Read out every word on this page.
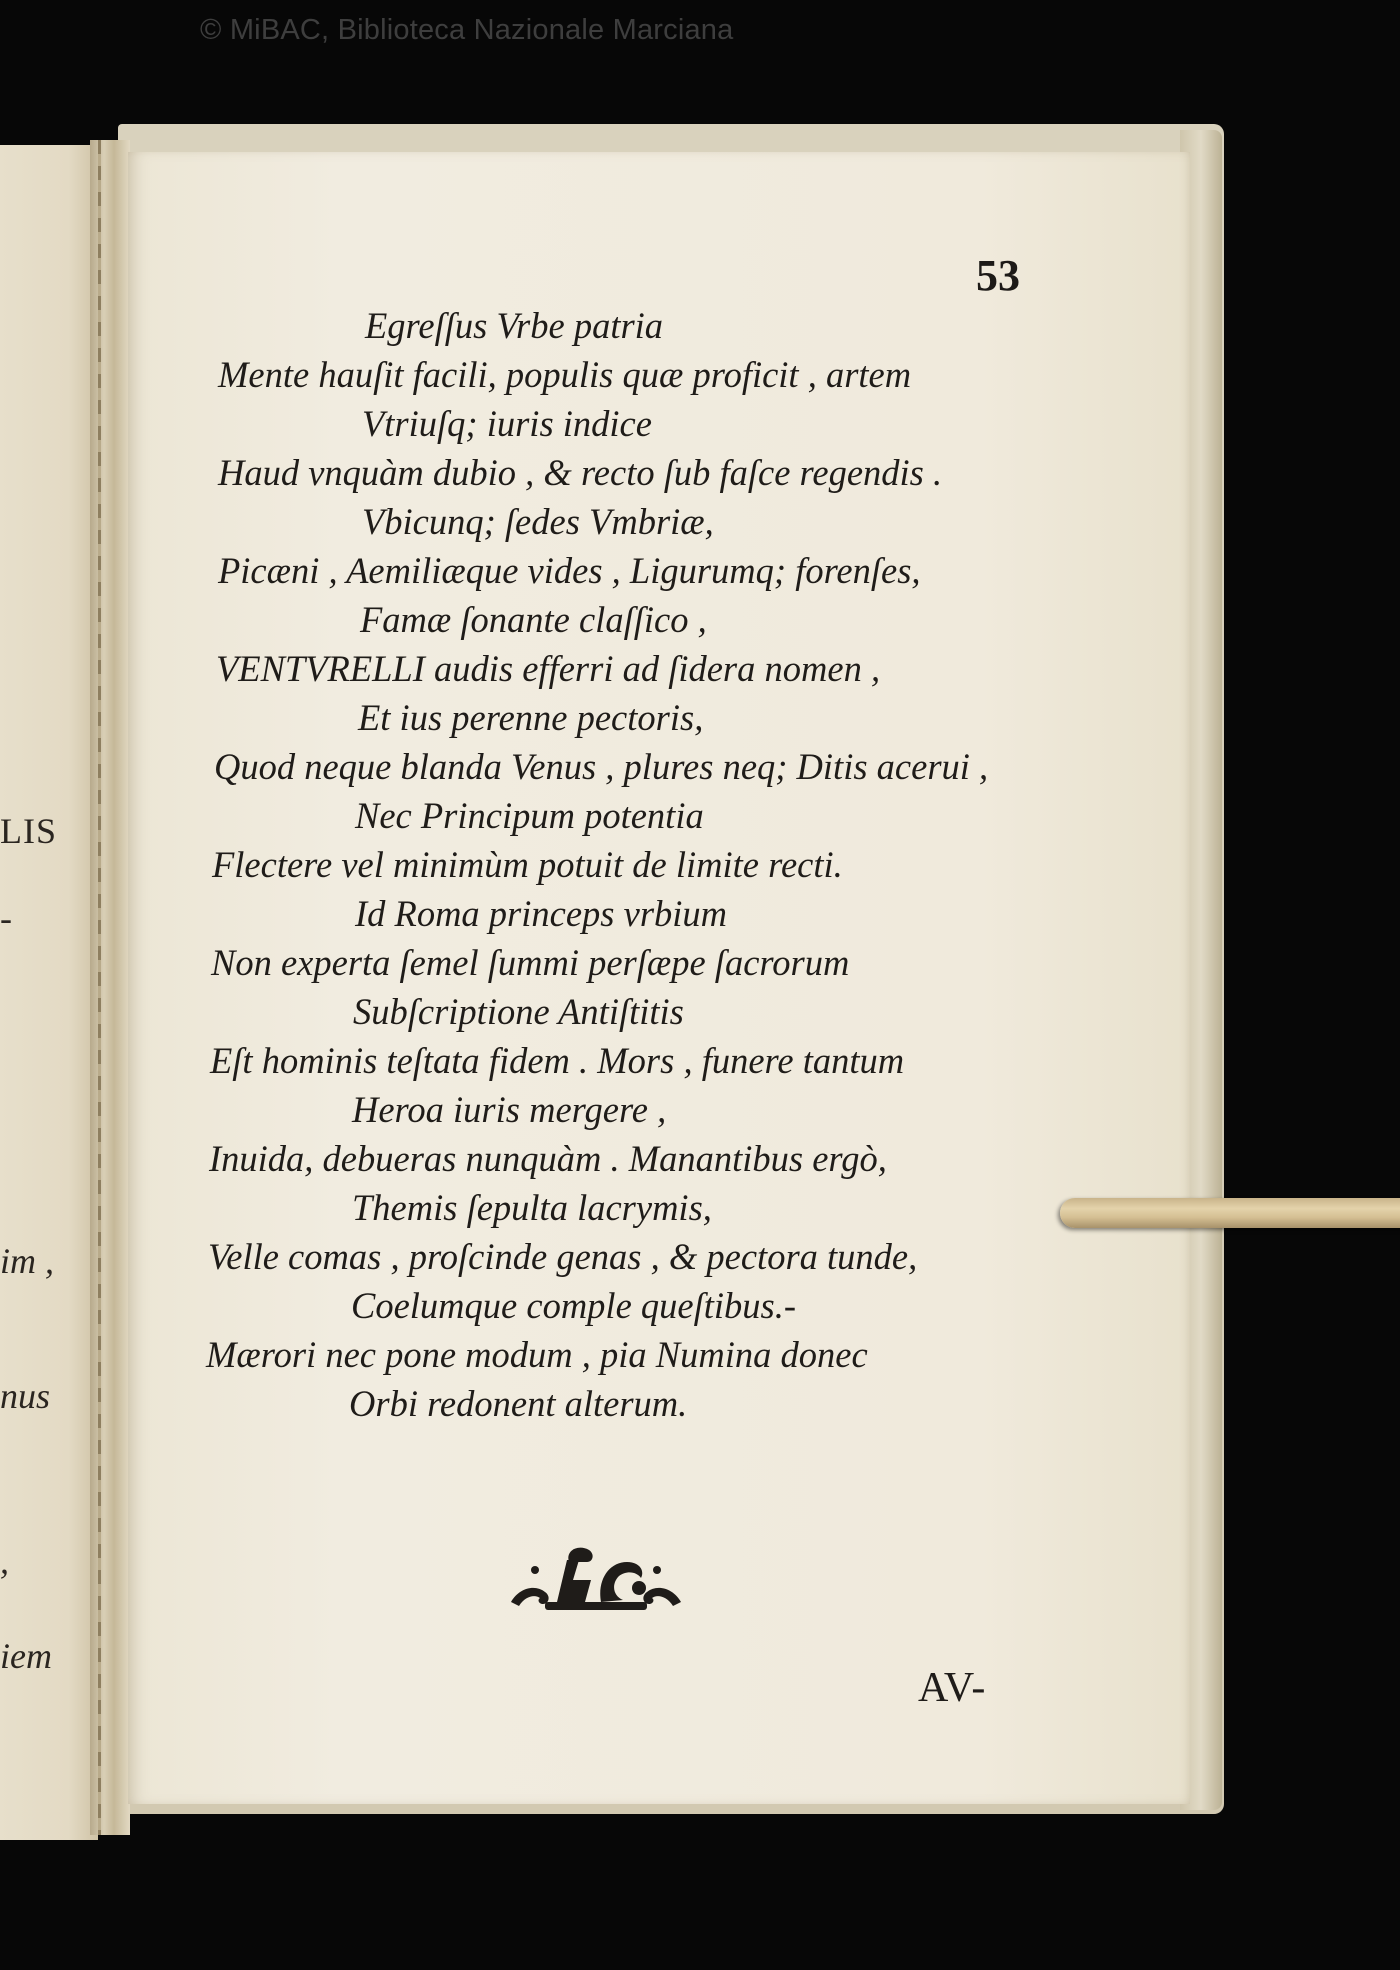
© MiBAC, Biblioteca Nazionale Marciana
LIS
-
im ,
nus
,
iem
53
Egreſſus Vrbe patria
Mente hauſit facili, populis quæ proficit , artem
Vtriuſq; iuris indice
Haud vnquàm dubio , & recto ſub faſce regendis .
Vbicunq; ſedes Vmbriæ,
Picæni , Aemiliæque vides , Ligurumq; forenſes,
Famæ ſonante claſſico ,
VENTVRELLI audis efferri ad ſidera nomen ,
Et ius perenne pectoris,
Quod neque blanda Venus , plures neq; Ditis acerui ,
Nec Principum potentia
Flectere vel minimùm potuit de limite recti.
Id Roma princeps vrbium
Non experta ſemel ſummi perſæpe ſacrorum
Subſcriptione Antiſtitis
Eſt hominis teſtata fidem . Mors , funere tantum
Heroa iuris mergere ,
Inuida, debueras nunquàm . Manantibus ergò,
Themis ſepulta lacrymis,
Velle comas , proſcinde genas , & pectora tunde,
Coelumque comple queſtibus.-
Mærori nec pone modum , pia Numina donec
Orbi redonent alterum.
AV-
